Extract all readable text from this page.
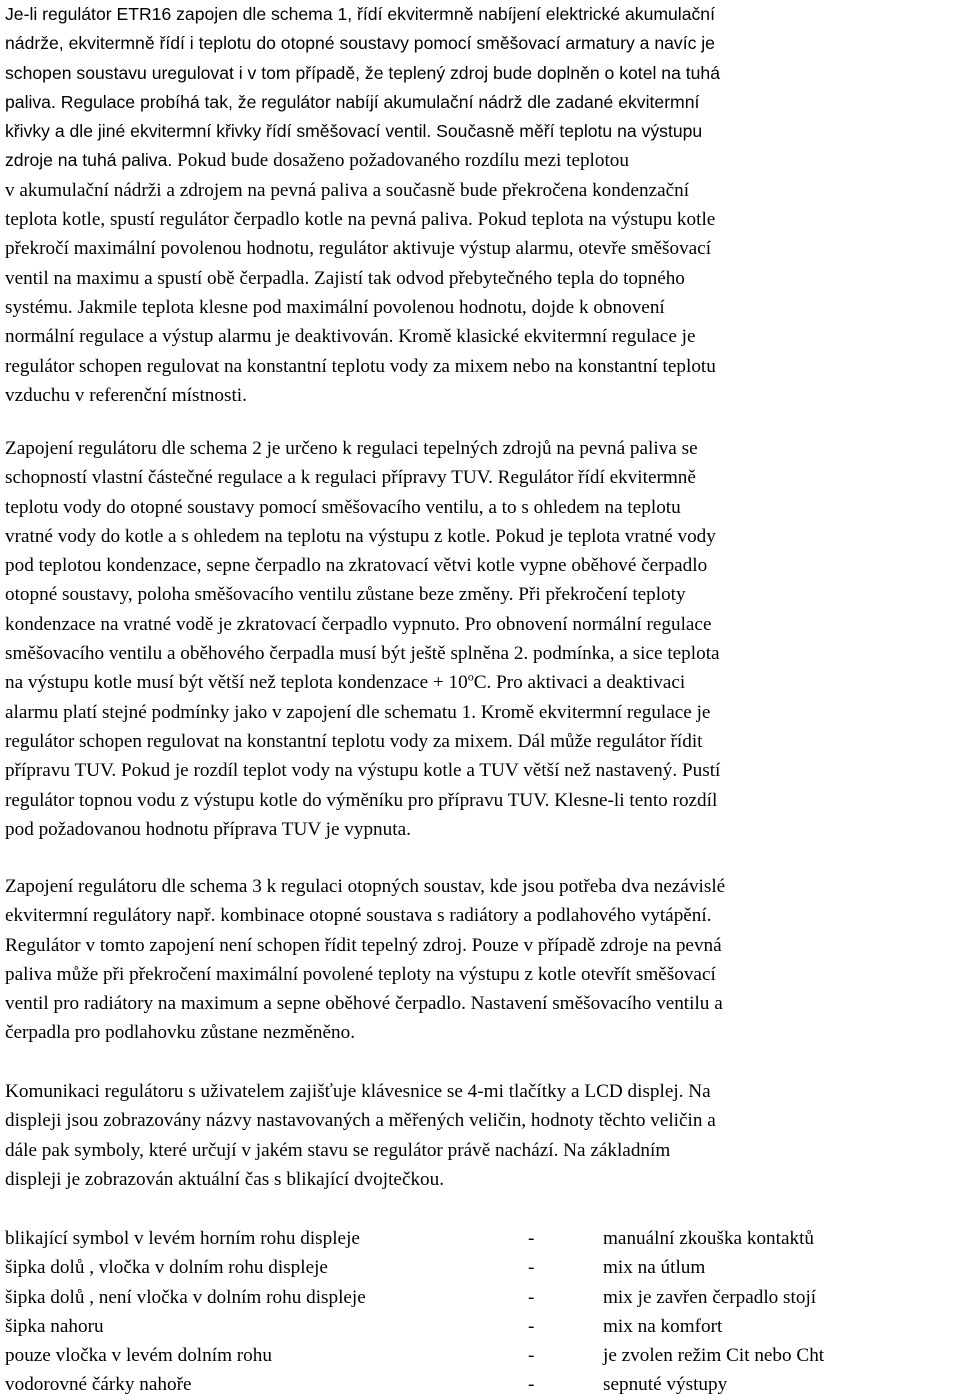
Je-li regulátor ETR16 zapojen dle schema 1, řídí ekvitermně nabíjení elektrické akumulační
nádrže, ekvitermně řídí i teplotu do otopné soustavy pomocí směšovací armatury a navíc je
schopen soustavu uregulovat i v tom případě, že teplený zdroj bude doplněn o kotel na tuhá
paliva. Regulace probíhá tak, že regulátor nabíjí akumulační nádrž dle zadané ekvitermní
křivky a dle jiné ekvitermní křivky řídí směšovací ventil. Současně měří teplotu na výstupu
zdroje na tuhá paliva. Pokud bude dosaženo požadovaného rozdílu mezi teplotou
v akumulační nádrži a zdrojem na pevná paliva a současně bude překročena kondenzační
teplota kotle, spustí regulátor čerpadlo kotle na pevná paliva. Pokud teplota na výstupu kotle
překročí maximální povolenou hodnotu, regulátor aktivuje výstup alarmu, otevře směšovací
ventil na maximu a spustí obě čerpadla. Zajistí tak odvod přebytečného tepla do topného
systému. Jakmile teplota klesne pod maximální povolenou hodnotu, dojde k obnovení
normální regulace a výstup alarmu je deaktivován. Kromě klasické ekvitermní regulace je
regulátor schopen regulovat na konstantní teplotu vody za mixem nebo na konstantní teplotu
vzduchu v referenční místnosti.
Zapojení regulátoru dle schema 2 je určeno k regulaci tepelných zdrojů na pevná paliva se
schopností vlastní částečné regulace a k regulaci přípravy TUV. Regulátor řídí ekvitermně
teplotu vody do otopné soustavy pomocí směšovacího ventilu, a to s ohledem na teplotu
vratné vody do kotle a s ohledem na teplotu na výstupu z kotle. Pokud je teplota vratné vody
pod teplotou kondenzace, sepne čerpadlo na zkratovací větvi kotle vypne oběhové čerpadlo
otopné soustavy, poloha směšovacího ventilu zůstane beze změny. Při překročení teploty
kondenzace na vratné vodě je zkratovací čerpadlo vypnuto. Pro obnovení normální regulace
směšovacího ventilu a oběhového čerpadla musí být ještě splněna 2. podmínka, a sice teplota
na výstupu kotle musí být větší než teplota kondenzace + $10^oC$. Pro aktivaci a deaktivaci
alarmu platí stejné podmínky jako v zapojení dle schematu 1. Kromě ekvitermní regulace je
regulátor schopen regulovat na konstantní teplotu vody za mixem. Dál může regulátor řídit
přípravu TUV. Pokud je rozdíl teplot vody na výstupu kotle a TUV větší než nastavený. Pustí
regulátor topnou vodu z výstupu kotle do výměníku pro přípravu TUV. Klesne-li tento rozdíl
pod požadovanou hodnotu příprava TUV je vypnuta.
Zapojení regulátoru dle schema 3 k regulaci otopných soustav, kde jsou potřeba dva nezávislé
ekvitermní regulátory např. kombinace otopné soustava s radiátory a podlahového vytápění.
Regulátor v tomto zapojení není schopen řídit tepelný zdroj. Pouze v případě zdroje na pevná
paliva může při překročení maximální povolené teploty na výstupu z kotle otevřít směšovací
ventil pro radiátory na maximum a sepne oběhové čerpadlo. Nastavení směšovacího ventilu a
čerpadla pro podlahovku zůstane nezměněno.
Komunikaci regulátoru s uživatelem zajišťuje klávesnice se 4-mi tlačítky a LCD displej. Na
displeji jsou zobrazovány názvy nastavovaných a měřených veličin, hodnoty těchto veličin a
dále pak symboly, které určují v jakém stavu se regulátor právě nachází. Na základním
displeji je zobrazován aktuální čas s blikající dvojtečkou.
blikající symbol v levém horním rohu displeje	-	manuální zkouška kontaktů
šipka dolů , vločka v dolním rohu displeje	-	mix na útlum
šipka dolů , není vločka v dolním rohu displeje	-	mix je zavřen čerpadlo stojí
šipka nahoru	-	mix na komfort
pouze vločka v levém dolním rohu	-	je zvolen režim Cit nebo Cht
vodorovné čárky nahoře	-	sepnuté výstupy
